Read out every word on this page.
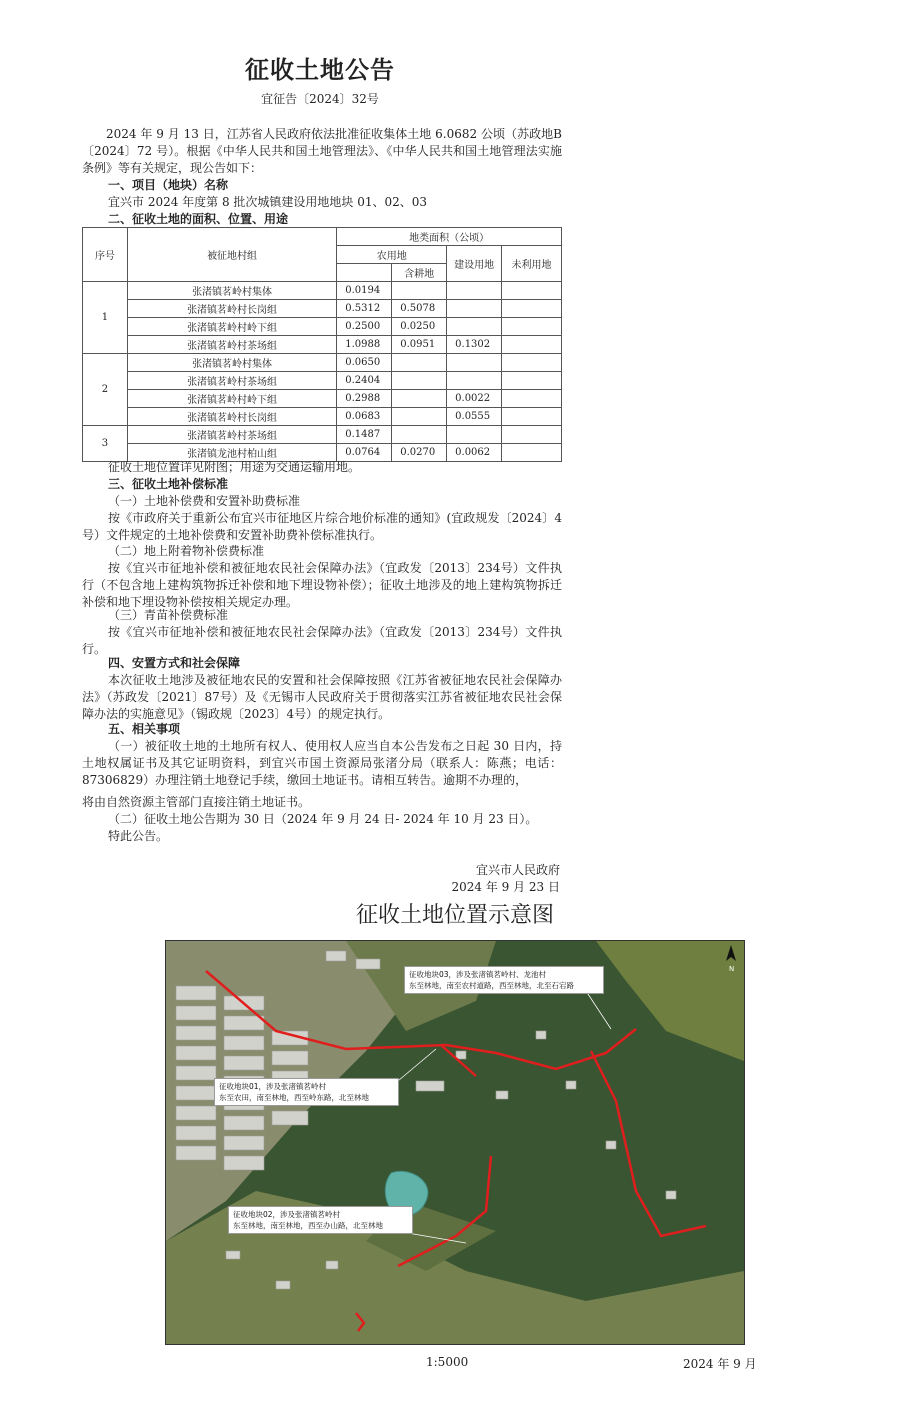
征收土地公告
宜征告〔2024〕32号
2024 年 9 月 13 日，江苏省人民政府依法批准征收集体土地 6.0682 公顷（苏政地B〔2024〕72 号）。根据《中华人民共和国土地管理法》、《中华人民共和国土地管理法实施条例》等有关规定，现公告如下：
一、项目（地块）名称
宜兴市 2024 年度第 8 批次城镇建设用地地块 01、02、03
二、征收土地的面积、位置、用途
序号	被征地村组	地类面积（公顷）			
		农用地		建设用地	未利用地
			含耕地		
1	张渚镇茗岭村集体	0.0194			
	张渚镇茗岭村长岗组	0.5312	0.5078		
	张渚镇茗岭村岭下组	0.2500	0.0250		
	张渚镇茗岭村茶场组	1.0988	0.0951	0.1302	
2	张渚镇茗岭村集体	0.0650			
	张渚镇茗岭村茶场组	0.2404			
	张渚镇茗岭村岭下组	0.2988		0.0022	
	张渚镇茗岭村长岗组	0.0683		0.0555	
3	张渚镇茗岭村茶场组	0.1487			
	张渚镇龙池村柏山组	0.0764	0.0270	0.0062	
征收土地位置详见附图；用途为交通运输用地。
三、征收土地补偿标准
（一）土地补偿费和安置补助费标准
按《市政府关于重新公布宜兴市征地区片综合地价标准的通知》(宜政规发〔2024〕4号）文件规定的土地补偿费和安置补助费补偿标准执行。
（二）地上附着物补偿费标准
按《宜兴市征地补偿和被征地农民社会保障办法》（宜政发〔2013〕234号）文件执行（不包含地上建构筑物拆迁补偿和地下埋设物补偿）；征收土地涉及的地上建构筑物拆迁补偿和地下埋设物补偿按相关规定办理。
（三）青苗补偿费标准
按《宜兴市征地补偿和被征地农民社会保障办法》（宜政发〔2013〕234号）文件执行。
四、安置方式和社会保障
本次征收土地涉及被征地农民的安置和社会保障按照《江苏省被征地农民社会保障办法》（苏政发〔2021〕87号）及《无锡市人民政府关于贯彻落实江苏省被征地农民社会保障办法的实施意见》（锡政规〔2023〕4号）的规定执行。
五、相关事项
（一）被征收土地的土地所有权人、使用权人应当自本公告发布之日起 30 日内，持土地权属证书及其它证明资料，到宜兴市国土资源局张渚分局（联系人：陈燕；电话：87306829）办理注销土地登记手续，缴回土地证书。请相互转告。逾期不办理的，
将由自然资源主管部门直接注销土地证书。
（二）征收土地公告期为 30 日（2024 年 9 月 24 日- 2024 年 10 月 23 日）。
特此公告。
宜兴市人民政府
2024 年 9 月 23 日
征收土地位置示意图
N
征收地块03，涉及张渚镇茗岭村、龙池村
东至林地，南至农村道路，西至林地，北至石宕路
征收地块01，涉及张渚镇茗岭村
东至农田，南至林地，西至岭东路，北至林地
征收地块02，涉及张渚镇茗岭村
东至林地，南至林地，西至办山路，北至林地
1:5000	2024 年 9 月
